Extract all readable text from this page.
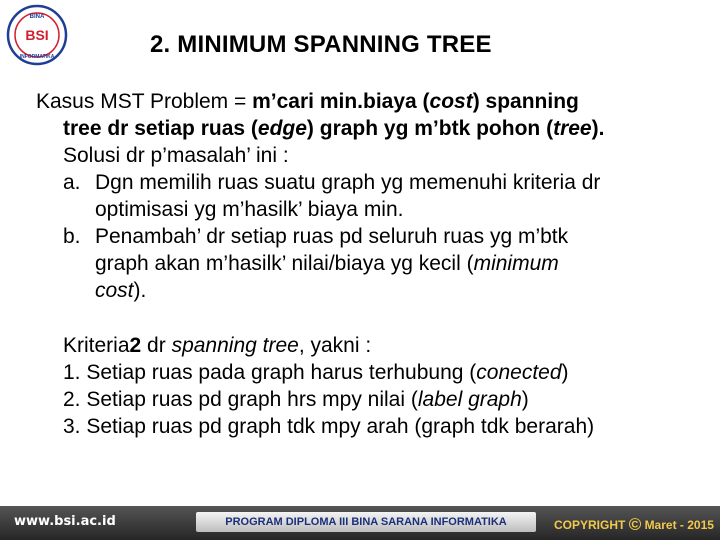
BINA
BSI
INFORMATIKA	2. MINIMUM SPANNING TREE
Kasus MST Problem = m’cari min.biaya (cost) spanning
tree dr setiap ruas (edge) graph yg m’btk pohon (tree).
Solusi dr p’masalah’ ini :
a. Dgn memilih ruas suatu graph yg memenuhi kriteria dr
optimisasi yg m’hasilk’ biaya min.
b. Penambah’ dr setiap ruas pd seluruh ruas yg m’btk
graph akan m’hasilk’ nilai/biaya yg kecil (minimum
cost).
Kriteria2 dr spanning tree, yakni :
1. Setiap ruas pada graph harus terhubung (conected)
2. Setiap ruas pd graph hrs mpy nilai (label graph)
3. Setiap ruas pd graph tdk mpy arah (graph tdk berarah)
www.bsi.ac.id	PROGRAM DIPLOMA III BINA SARANA INFORMATIKA	COPYRIGHT © Maret - 2015
